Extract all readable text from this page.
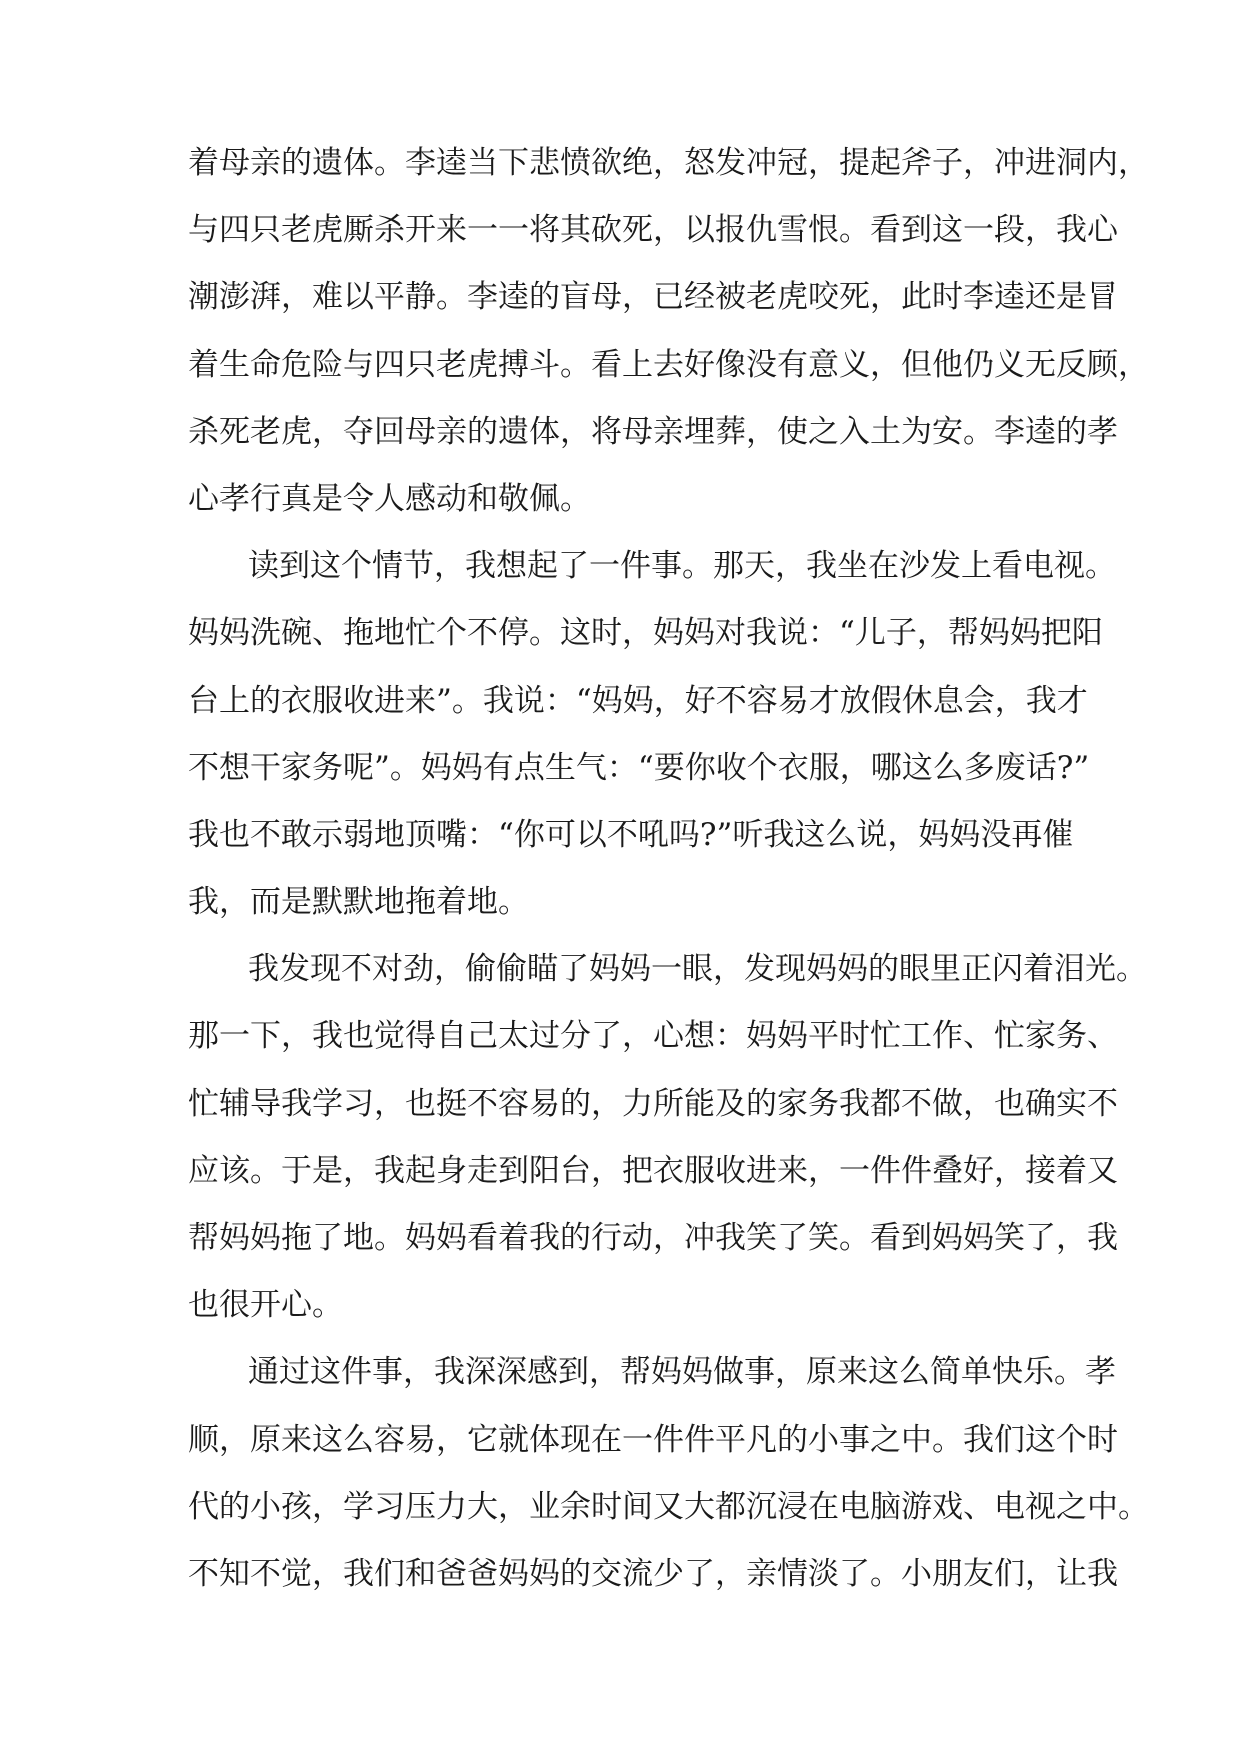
着母亲的遗体。李逵当下悲愤欲绝，怒发冲冠，提起斧子，冲进洞内，
与四只老虎厮杀开来一一将其砍死，以报仇雪恨。看到这一段，我心
潮澎湃，难以平静。李逵的盲母，已经被老虎咬死，此时李逵还是冒
着生命危险与四只老虎搏斗。看上去好像没有意义，但他仍义无反顾，
杀死老虎，夺回母亲的遗体，将母亲埋葬，使之入土为安。李逵的孝
心孝行真是令人感动和敬佩。
读到这个情节，我想起了一件事。那天，我坐在沙发上看电视。
妈妈洗碗、拖地忙个不停。这时，妈妈对我说：“儿子，帮妈妈把阳
台上的衣服收进来”。我说：“妈妈，好不容易才放假休息会，我才
不想干家务呢”。妈妈有点生气：“要你收个衣服，哪这么多废话?”
我也不敢示弱地顶嘴：“你可以不吼吗?”听我这么说，妈妈没再催
我，而是默默地拖着地。
我发现不对劲，偷偷瞄了妈妈一眼，发现妈妈的眼里正闪着泪光。
那一下，我也觉得自己太过分了，心想：妈妈平时忙工作、忙家务、
忙辅导我学习，也挺不容易的，力所能及的家务我都不做，也确实不
应该。于是，我起身走到阳台，把衣服收进来，一件件叠好，接着又
帮妈妈拖了地。妈妈看着我的行动，冲我笑了笑。看到妈妈笑了，我
也很开心。
通过这件事，我深深感到，帮妈妈做事，原来这么简单快乐。孝
顺，原来这么容易，它就体现在一件件平凡的小事之中。我们这个时
代的小孩，学习压力大，业余时间又大都沉浸在电脑游戏、电视之中。
不知不觉，我们和爸爸妈妈的交流少了，亲情淡了。小朋友们，让我
